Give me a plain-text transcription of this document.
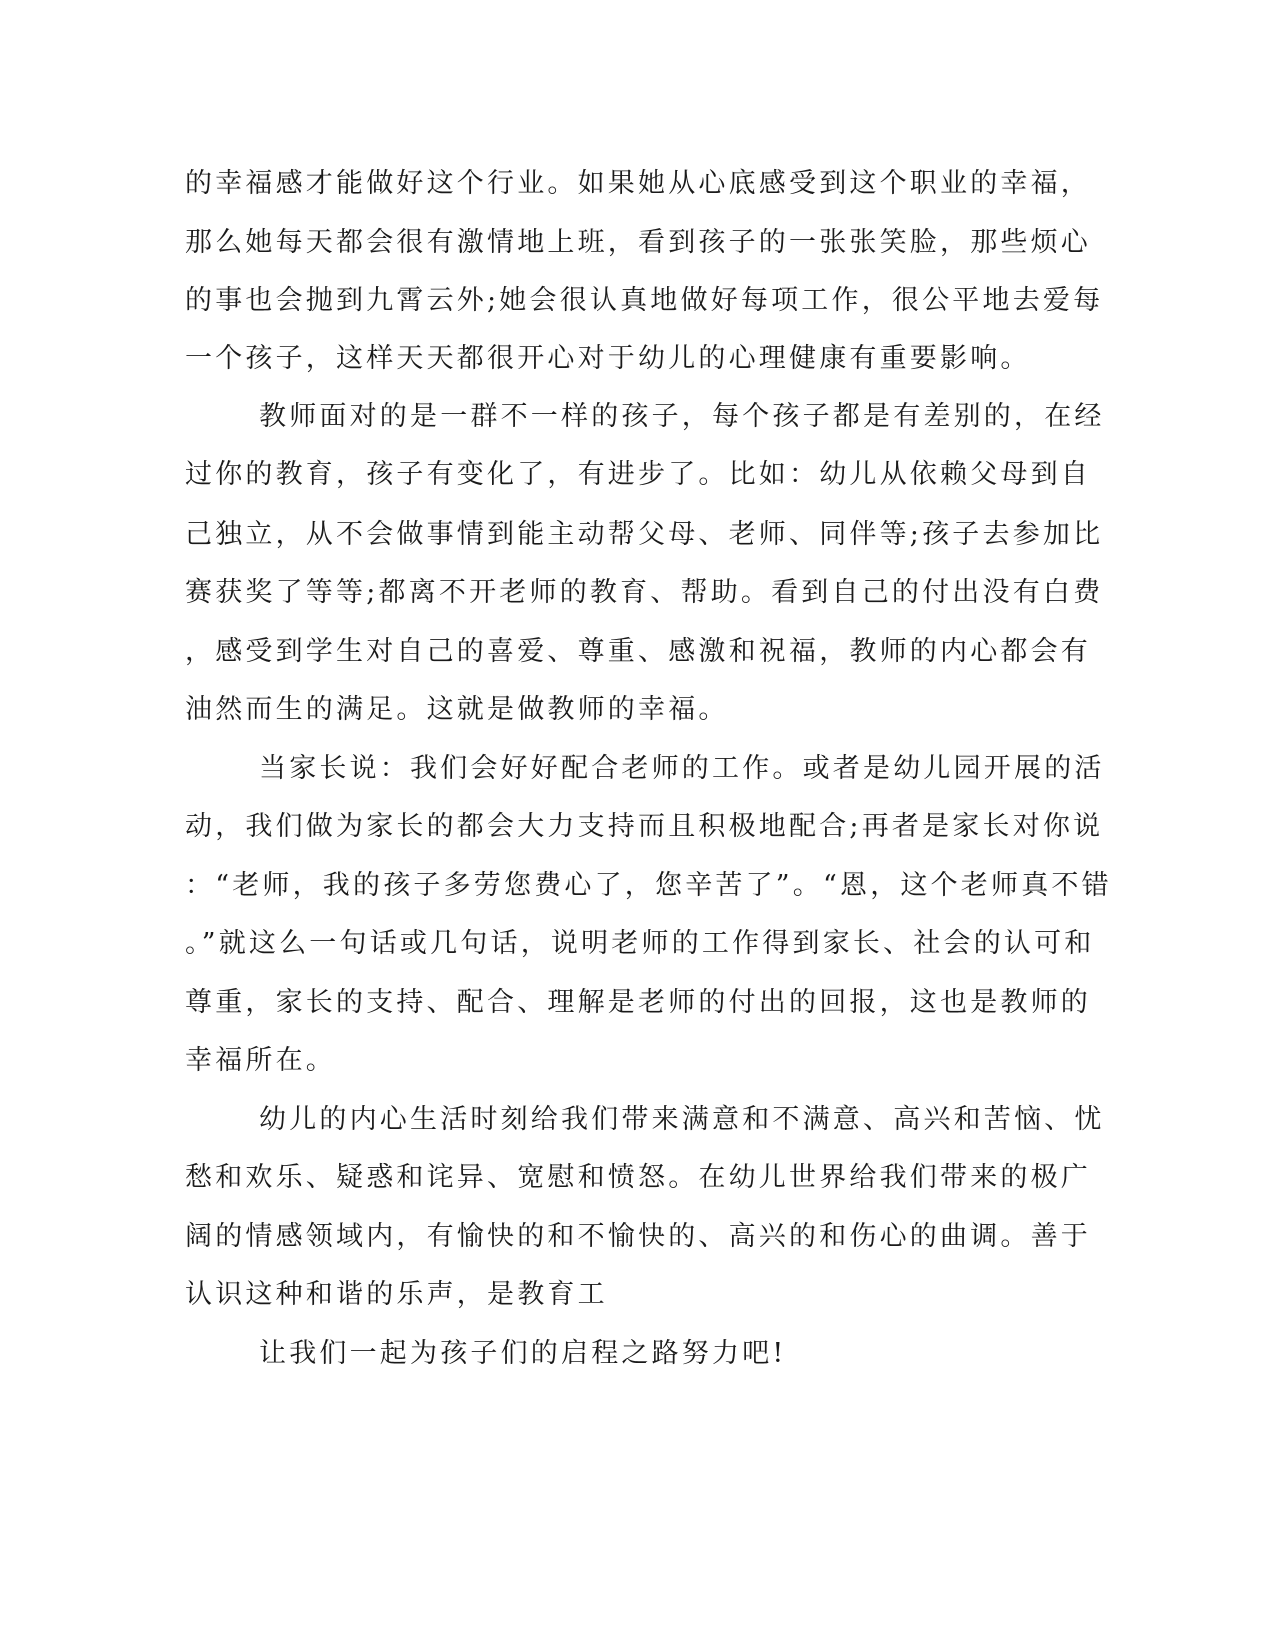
的幸福感才能做好这个行业。如果她从心底感受到这个职业的幸福，
那么她每天都会很有激情地上班，看到孩子的一张张笑脸，那些烦心
的事也会抛到九霄云外;她会很认真地做好每项工作，很公平地去爱每
一个孩子，这样天天都很开心对于幼儿的心理健康有重要影响。
教师面对的是一群不一样的孩子，每个孩子都是有差别的，在经
过你的教育，孩子有变化了，有进步了。比如：幼儿从依赖父母到自
己独立，从不会做事情到能主动帮父母、老师、同伴等;孩子去参加比
赛获奖了等等;都离不开老师的教育、帮助。看到自己的付出没有白费
，感受到学生对自己的喜爱、尊重、感激和祝福，教师的内心都会有
油然而生的满足。这就是做教师的幸福。
当家长说：我们会好好配合老师的工作。或者是幼儿园开展的活
动，我们做为家长的都会大力支持而且积极地配合;再者是家长对你说
：“老师，我的孩子多劳您费心了，您辛苦了”。“恩，这个老师真不错
。”就这么一句话或几句话，说明老师的工作得到家长、社会的认可和
尊重，家长的支持、配合、理解是老师的付出的回报，这也是教师的
幸福所在。
幼儿的内心生活时刻给我们带来满意和不满意、高兴和苦恼、忧
愁和欢乐、疑惑和诧异、宽慰和愤怒。在幼儿世界给我们带来的极广
阔的情感领域内，有愉快的和不愉快的、高兴的和伤心的曲调。善于
认识这种和谐的乐声，是教育工
让我们一起为孩子们的启程之路努力吧!
